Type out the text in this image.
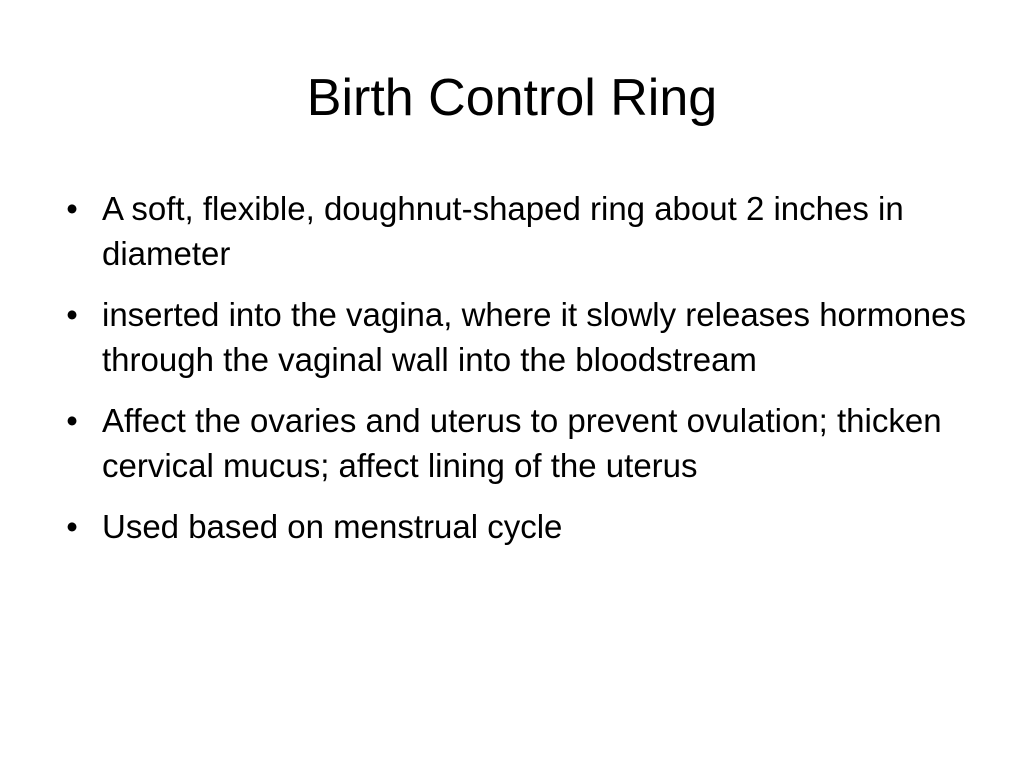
Birth Control Ring
• A soft, flexible, doughnut-shaped ring about 2 inches in diameter
• inserted into the vagina, where it slowly releases hormones through the vaginal wall into the bloodstream
• Affect the ovaries and uterus to prevent ovulation; thicken cervical mucus; affect lining of the uterus
• Used based on menstrual cycle
